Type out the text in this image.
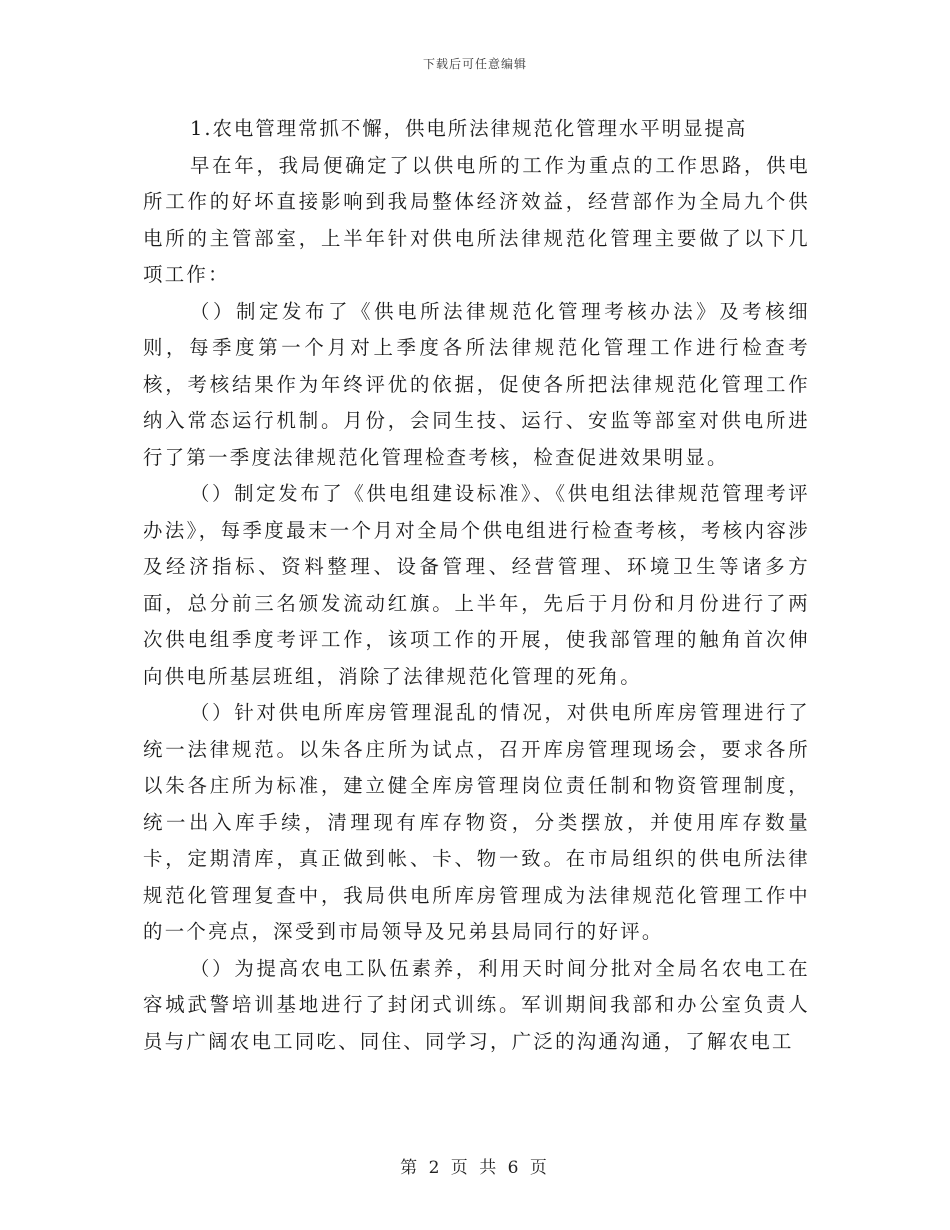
下载后可任意编辑

1.农电管理常抓不懈，供电所法律规范化管理水平明显提高

早在年，我局便确定了以供电所的工作为重点的工作思路，供电所工作的好坏直接影响到我局整体经济效益，经营部作为全局九个供电所的主管部室，上半年针对供电所法律规范化管理主要做了以下几项工作：

（）制定发布了《供电所法律规范化管理考核办法》及考核细则，每季度第一个月对上季度各所法律规范化管理工作进行检查考核，考核结果作为年终评优的依据，促使各所把法律规范化管理工作纳入常态运行机制。月份，会同生技、运行、安监等部室对供电所进行了第一季度法律规范化管理检查考核，检查促进效果明显。

（）制定发布了《供电组建设标准》、《供电组法律规范管理考评办法》，每季度最末一个月对全局个供电组进行检查考核，考核内容涉及经济指标、资料整理、设备管理、经营管理、环境卫生等诸多方面，总分前三名颁发流动红旗。上半年，先后于月份和月份进行了两次供电组季度考评工作，该项工作的开展，使我部管理的触角首次伸向供电所基层班组，消除了法律规范化管理的死角。

（）针对供电所库房管理混乱的情况，对供电所库房管理进行了统一法律规范。以朱各庄所为试点，召开库房管理现场会，要求各所以朱各庄所为标准，建立健全库房管理岗位责任制和物资管理制度，统一出入库手续，清理现有库存物资，分类摆放，并使用库存数量卡，定期清库，真正做到帐、卡、物一致。在市局组织的供电所法律规范化管理复查中，我局供电所库房管理成为法律规范化管理工作中的一个亮点，深受到市局领导及兄弟县局同行的好评。

（）为提高农电工队伍素养，利用天时间分批对全局名农电工在容城武警培训基地进行了封闭式训练。军训期间我部和办公室负责人员与广阔农电工同吃、同住、同学习，广泛的沟通沟通，了解农电工

第 2 页 共 6 页
